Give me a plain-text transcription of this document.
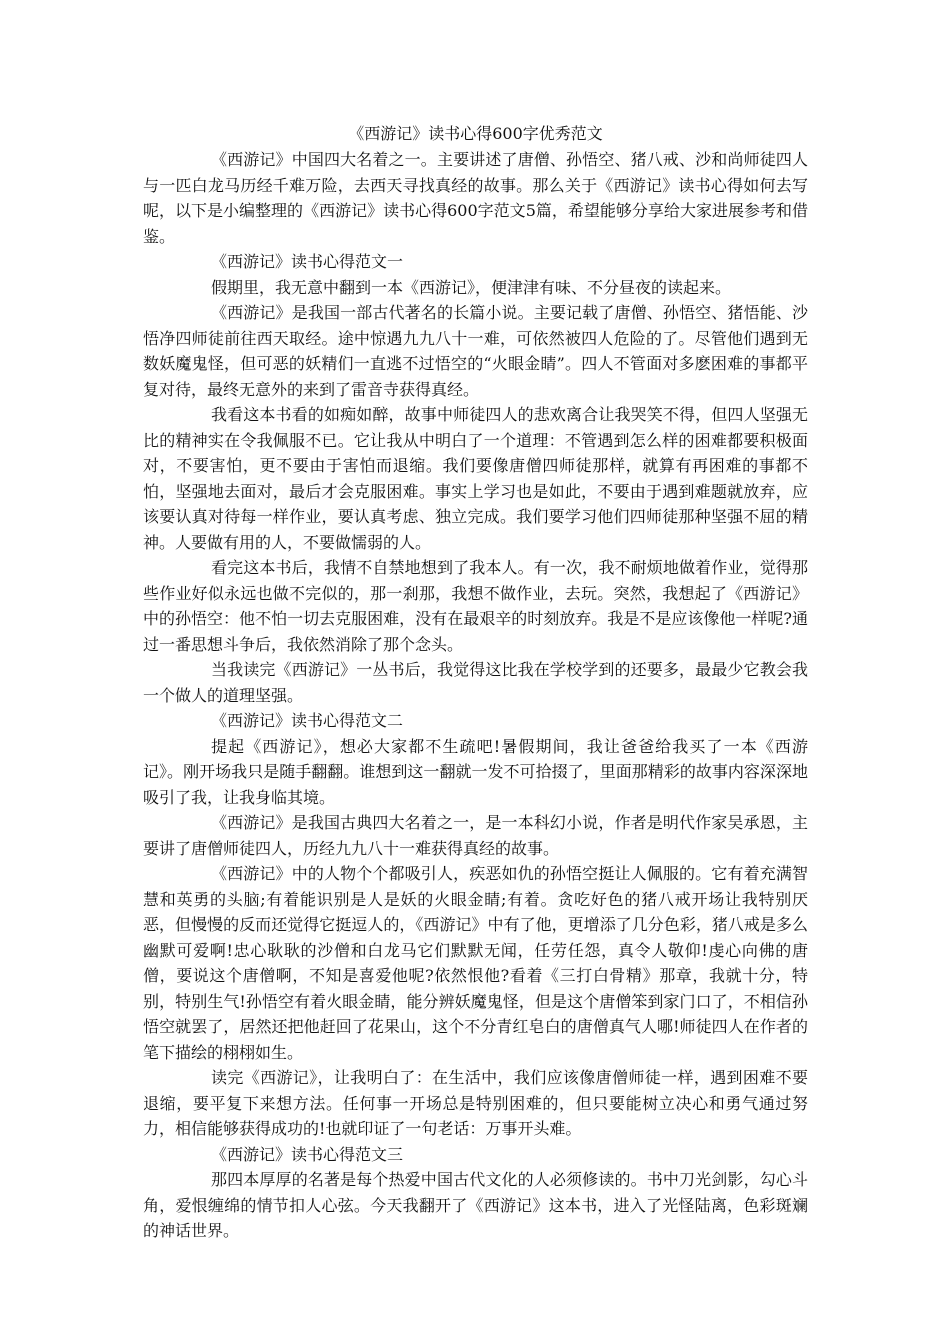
《西游记》读书心得600字优秀范文

《西游记》中国四大名着之一。主要讲述了唐僧、孙悟空、猪八戒、沙和尚师徒四人与一匹白龙马历经千难万险，去西天寻找真经的故事。那么关于《西游记》读书心得如何去写呢，以下是小编整理的《西游记》读书心得600字范文5篇，希望能够分享给大家进展参考和借鉴。

《西游记》读书心得范文一

假期里，我无意中翻到一本《西游记》，便津津有味、不分昼夜的读起来。

《西游记》是我国一部古代著名的长篇小说。主要记载了唐僧、孙悟空、猪悟能、沙悟净四师徒前往西天取经。途中惊遇九九八十一难，可依然被四人危险的了。尽管他们遇到无数妖魔鬼怪，但可恶的妖精们一直逃不过悟空的“火眼金睛”。四人不管面对多麽困难的事都平复对待，最终无意外的来到了雷音寺获得真经。

我看这本书看的如痴如醉，故事中师徒四人的悲欢离合让我哭笑不得，但四人坚强无比的精神实在令我佩服不已。它让我从中明白了一个道理：不管遇到怎么样的困难都要积极面对，不要害怕，更不要由于害怕而退缩。我们要像唐僧四师徒那样，就算有再困难的事都不怕，坚强地去面对，最后才会克服困难。事实上学习也是如此，不要由于遇到难题就放弃，应该要认真对待每一样作业，要认真考虑、独立完成。我们要学习他们四师徒那种坚强不屈的精神。人要做有用的人，不要做懦弱的人。

看完这本书后，我情不自禁地想到了我本人。有一次，我不耐烦地做着作业，觉得那些作业好似永远也做不完似的，那一刹那，我想不做作业，去玩。突然，我想起了《西游记》中的孙悟空：他不怕一切去克服困难，没有在最艰辛的时刻放弃。我是不是应该像他一样呢?通过一番思想斗争后，我依然消除了那个念头。

当我读完《西游记》一丛书后，我觉得这比我在学校学到的还要多，最最少它教会我一个做人的道理坚强。

《西游记》读书心得范文二

提起《西游记》，想必大家都不生疏吧!暑假期间，我让爸爸给我买了一本《西游记》。刚开场我只是随手翻翻。谁想到这一翻就一发不可拾掇了，里面那精彩的故事内容深深地吸引了我，让我身临其境。

《西游记》是我国古典四大名着之一，是一本科幻小说，作者是明代作家吴承恩，主要讲了唐僧师徒四人，历经九九八十一难获得真经的故事。

《西游记》中的人物个个都吸引人，疾恶如仇的孙悟空挺让人佩服的。它有着充满智慧和英勇的头脑;有着能识别是人是妖的火眼金睛;有着。贪吃好色的猪八戒开场让我特别厌恶，但慢慢的反而还觉得它挺逗人的，《西游记》中有了他，更增添了几分色彩，猪八戒是多么幽默可爱啊!忠心耿耿的沙僧和白龙马它们默默无闻，任劳任怨，真令人敬仰!虔心向佛的唐僧，要说这个唐僧啊，不知是喜爱他呢?依然恨他?看着《三打白骨精》那章，我就十分，特别，特别生气!孙悟空有着火眼金睛，能分辨妖魔鬼怪，但是这个唐僧笨到家门口了，不相信孙悟空就罢了，居然还把他赶回了花果山，这个不分青红皂白的唐僧真气人哪!师徒四人在作者的笔下描绘的栩栩如生。

读完《西游记》，让我明白了：在生活中，我们应该像唐僧师徒一样，遇到困难不要退缩，要平复下来想方法。任何事一开场总是特别困难的，但只要能树立决心和勇气通过努力，相信能够获得成功的!也就印证了一句老话：万事开头难。

《西游记》读书心得范文三

那四本厚厚的名著是每个热爱中国古代文化的人必须修读的。书中刀光剑影，勾心斗角，爱恨缠绵的情节扣人心弦。今天我翻开了《西游记》这本书，进入了光怪陆离，色彩斑斓的神话世界。
